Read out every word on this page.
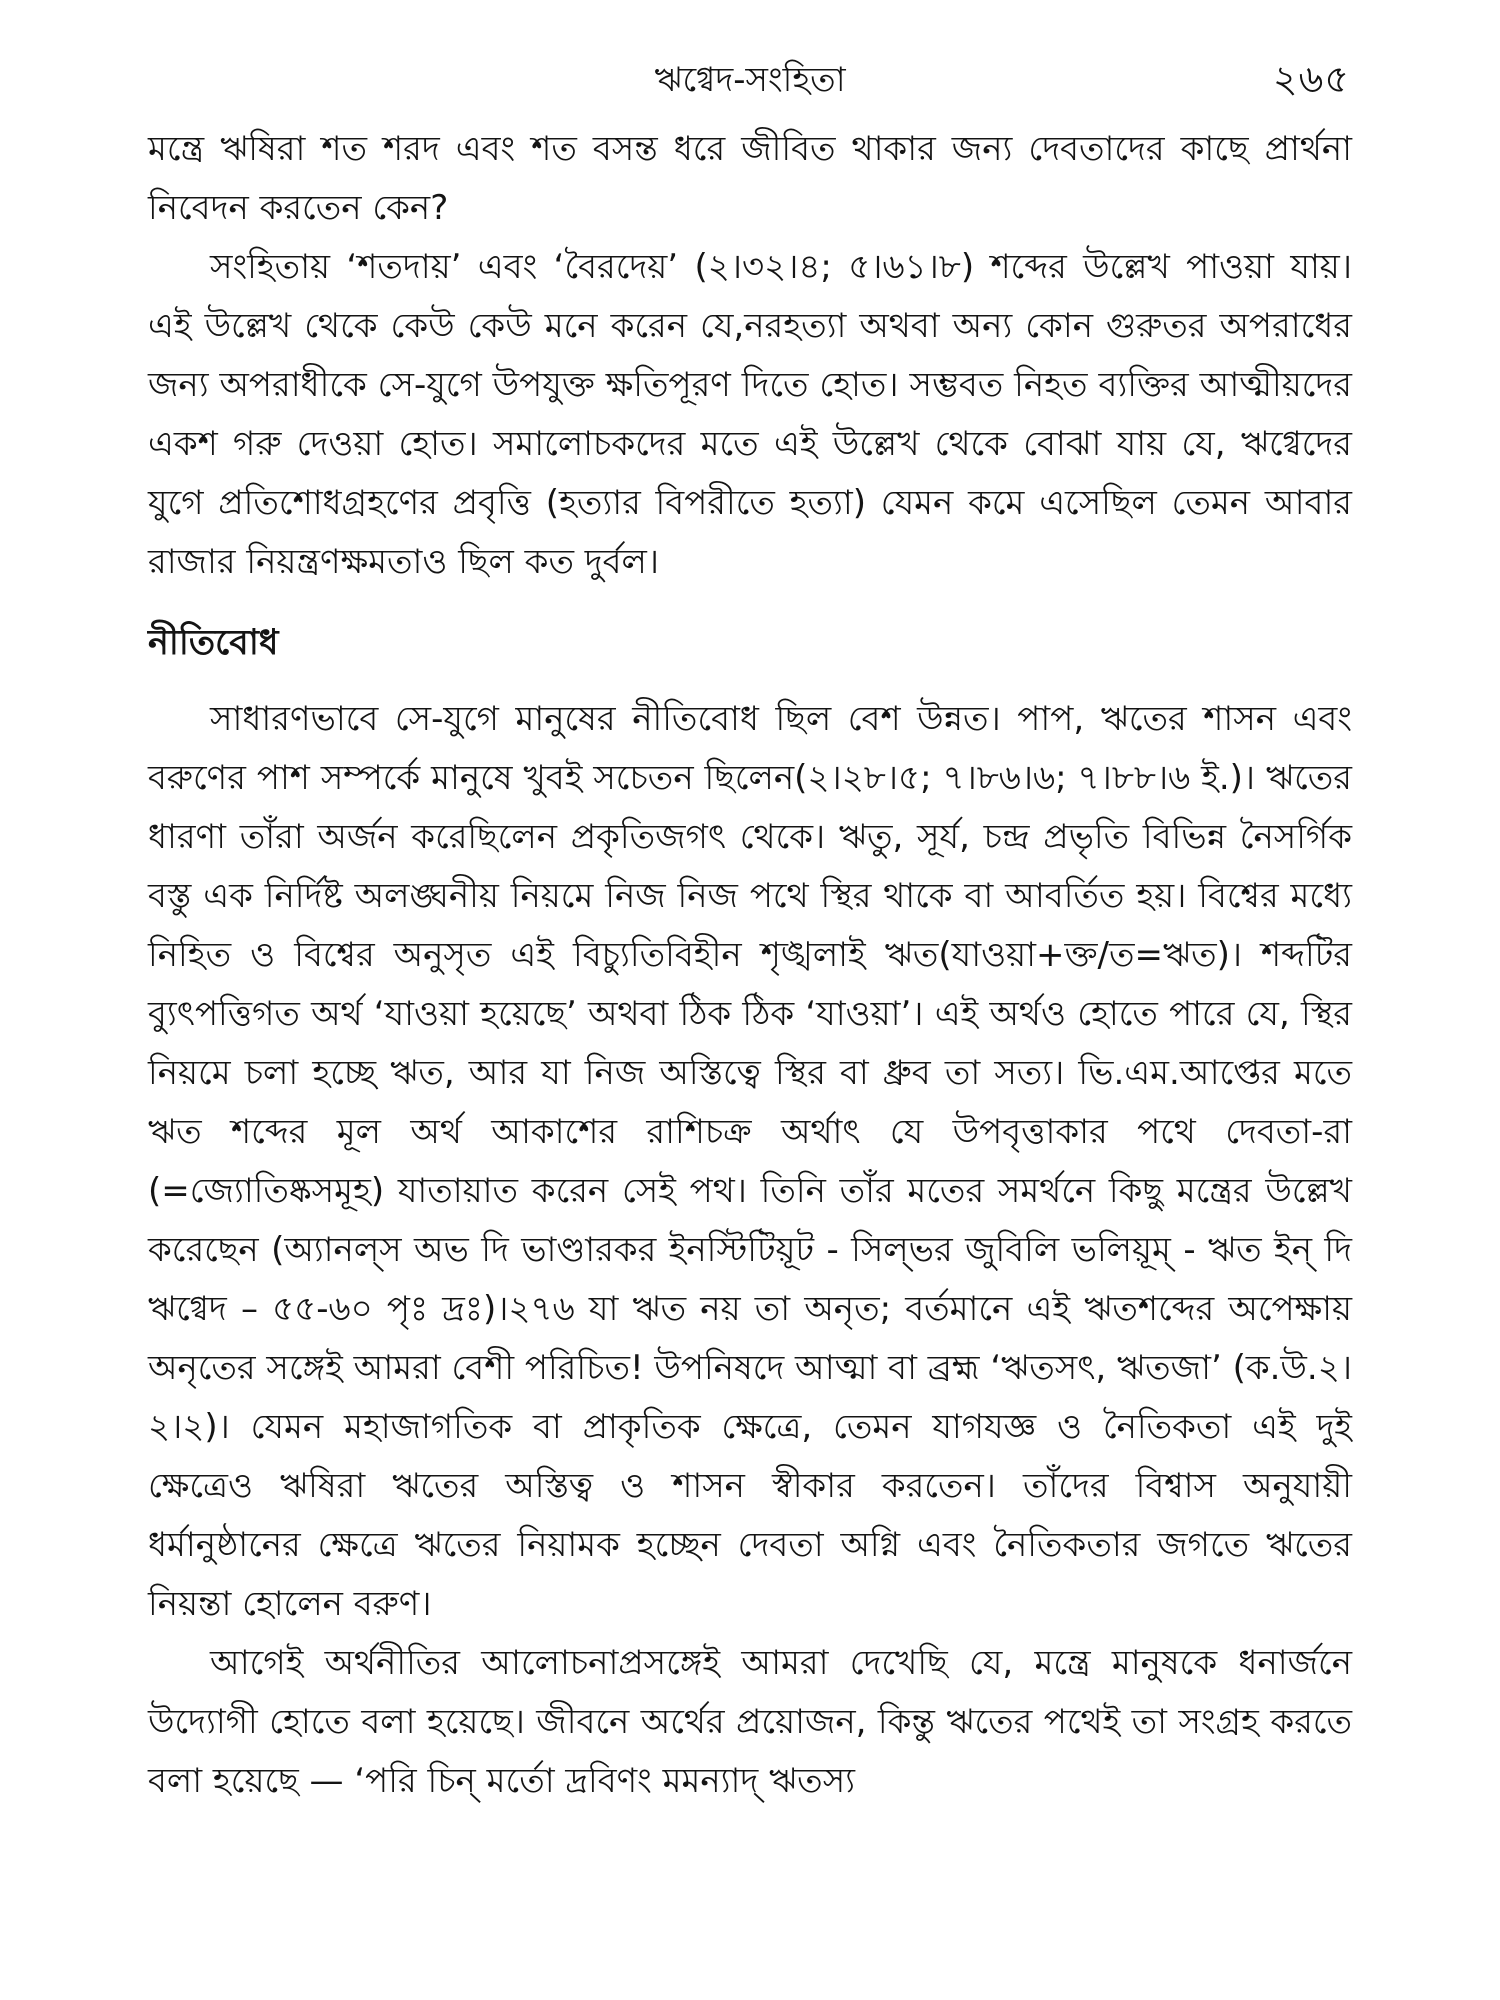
ঋগ্বেদ-সংহিতা	২৬৫

মন্ত্রে ঋষিরা শত শরদ এবং শত বসন্ত ধরে জীবিত থাকার জন্য দেবতাদের কাছে প্রার্থনা নিবেদন করতেন কেন?

সংহিতায় ‘শতদায়’ এবং ‘বৈরদেয়’ (২।৩২।৪; ৫।৬১।৮) শব্দের উল্লেখ পাওয়া যায়। এই উল্লেখ থেকে কেউ কেউ মনে করেন যে,নরহত্যা অথবা অন্য কোন গুরুতর অপরাধের জন্য অপরাধীকে সে-যুগে উপযুক্ত ক্ষতিপূরণ দিতে হোত। সম্ভবত নিহত ব্যক্তির আত্মীয়দের একশ গরু দেওয়া হোত। সমালোচকদের মতে এই উল্লেখ থেকে বোঝা যায় যে, ঋগ্বেদের যুগে প্রতিশোধগ্রহণের প্রবৃত্তি (হত্যার বিপরীতে হত্যা) যেমন কমে এসেছিল তেমন আবার রাজার নিয়ন্ত্রণক্ষমতাও ছিল কত দুর্বল।

নীতিবোধ

সাধারণভাবে সে-যুগে মানুষের নীতিবোধ ছিল বেশ উন্নত। পাপ, ঋতের শাসন এবং বরুণের পাশ সম্পর্কে মানুষে খুবই সচেতন ছিলেন(২।২৮।৫; ৭।৮৬।৬; ৭।৮৮।৬ ই.)। ঋতের ধারণা তাঁরা অর্জন করেছিলেন প্রকৃতিজগৎ থেকে। ঋতু, সূর্য, চন্দ্র প্রভৃতি বিভিন্ন নৈসর্গিক বস্তু এক নির্দিষ্ট অলঙ্ঘনীয় নিয়মে নিজ নিজ পথে স্থির থাকে বা আবর্তিত হয়। বিশ্বের মধ্যে নিহিত ও বিশ্বের অনুসৃত এই বিচ্যুতিবিহীন শৃঙ্খলাই ঋত(যাওয়া+ক্ত/ত=ঋত)। শব্দটির ব্যুৎপত্তিগত অর্থ ‘যাওয়া হয়েছে’ অথবা ঠিক ঠিক ‘যাওয়া’। এই অর্থও হোতে পারে যে, স্থির নিয়মে চলা হচ্ছে ঋত, আর যা নিজ অস্তিত্বে স্থির বা ধ্রুব তা সত্য। ভি.এম.আপ্তের মতে ঋত শব্দের মূল অর্থ আকাশের রাশিচক্র অর্থাৎ যে উপবৃত্তাকার পথে দেবতা-রা (=জ্যোতিষ্কসমূহ) যাতায়াত করেন সেই পথ। তিনি তাঁর মতের সমর্থনে কিছু মন্ত্রের উল্লেখ করেছেন (অ্যানল্‌স অভ দি ভাণ্ডারকর ইনস্টিটিয়ূট - সিল্‌ভর জুবিলি ভলিয়ূম্‌ - ঋত ইন্‌ দি ঋগ্বেদ – ৫৫-৬০ পৃঃ দ্রঃ)।২৭৬ যা ঋত নয় তা অনৃত; বর্তমানে এই ঋতশব্দের অপেক্ষায় অনৃতের সঙ্গেই আমরা বেশী পরিচিত! উপনিষদে আত্মা বা ব্রহ্ম ‘ঋতসৎ, ঋতজা’ (ক.উ.২।২।২)। যেমন মহাজাগতিক বা প্রাকৃতিক ক্ষেত্রে, তেমন যাগযজ্ঞ ও নৈতিকতা এই দুই ক্ষেত্রেও ঋষিরা ঋতের অস্তিত্ব ও শাসন স্বীকার করতেন। তাঁদের বিশ্বাস অনুযায়ী ধর্মানুষ্ঠানের ক্ষেত্রে ঋতের নিয়ামক হচ্ছেন দেবতা অগ্নি এবং নৈতিকতার জগতে ঋতের নিয়ন্তা হোলেন বরুণ।

আগেই অর্থনীতির আলোচনাপ্রসঙ্গেই আমরা দেখেছি যে, মন্ত্রে মানুষকে ধনার্জনে উদ্যোগী হোতে বলা হয়েছে। জীবনে অর্থের প্রয়োজন, কিন্তু ঋতের পথেই তা সংগ্রহ করতে বলা হয়েছে — ‘পরি চিন্‌ মর্তো দ্রবিণং মমন্যাদ্‌ ঋতস্য
